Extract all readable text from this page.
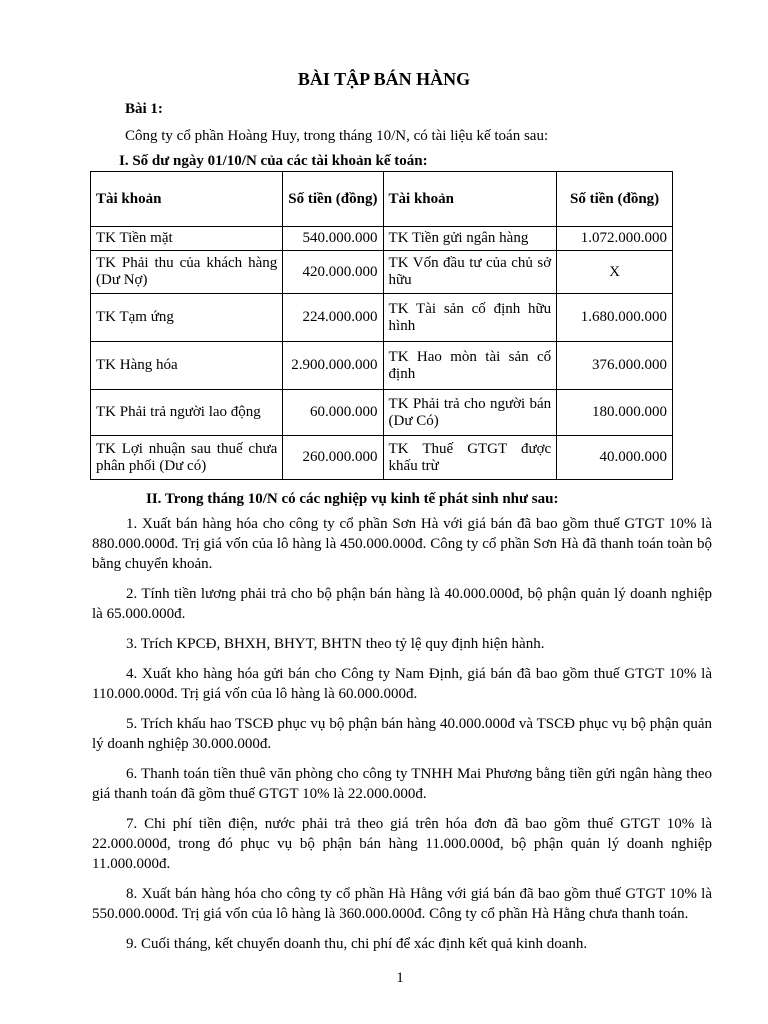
BÀI TẬP BÁN HÀNG
Bài 1:
Công ty cổ phần Hoàng Huy, trong tháng 10/N, có tài liệu kế toán sau:
I. Số dư ngày 01/10/N của các tài khoản kế toán:
Tài khoản	Số tiền (đồng)	Tài khoản	Số tiền (đồng)
TK Tiền mặt	540.000.000	TK Tiền gửi ngân hàng	1.072.000.000
TK Phải thu của khách hàng (Dư Nợ)	420.000.000	TK Vốn đầu tư của chủ sở hữu	X
TK Tạm ứng	224.000.000	TK Tài sản cố định hữu hình	1.680.000.000
TK Hàng hóa	2.900.000.000	TK Hao mòn tài sản cố định	376.000.000
TK Phải trả người lao động	60.000.000	TK Phải trả cho người bán (Dư Có)	180.000.000
TK Lợi nhuận sau thuế chưa phân phối (Dư có)	260.000.000	TK Thuế GTGT được khấu trừ	40.000.000
II. Trong tháng 10/N có các nghiệp vụ kinh tế phát sinh như sau:

1. Xuất bán hàng hóa cho công ty cổ phần Sơn Hà với giá bán đã bao gồm thuế GTGT 10% là 880.000.000đ. Trị giá vốn của lô hàng là 450.000.000đ. Công ty cổ phần Sơn Hà đã thanh toán toàn bộ bằng chuyển khoản.

2. Tính tiền lương phải trả cho bộ phận bán hàng là 40.000.000đ, bộ phận quản lý doanh nghiệp là 65.000.000đ.

3. Trích KPCĐ, BHXH, BHYT, BHTN theo tỷ lệ quy định hiện hành.

4. Xuất kho hàng hóa gửi bán cho Công ty Nam Định, giá bán đã bao gồm thuế GTGT 10% là 110.000.000đ. Trị giá vốn của lô hàng là 60.000.000đ.

5. Trích khấu hao TSCĐ phục vụ bộ phận bán hàng 40.000.000đ và TSCĐ phục vụ bộ phận quản lý doanh nghiệp 30.000.000đ.

6. Thanh toán tiền thuê văn phòng cho công ty TNHH Mai Phương bằng tiền gửi ngân hàng theo giá thanh toán đã gồm thuế GTGT 10% là 22.000.000đ.

7. Chi phí tiền điện, nước phải trả theo giá trên hóa đơn đã bao gồm thuế GTGT 10% là 22.000.000đ, trong đó phục vụ bộ phận bán hàng 11.000.000đ, bộ phận quản lý doanh nghiệp 11.000.000đ.

8. Xuất bán hàng hóa cho công ty cổ phần Hà Hằng với giá bán đã bao gồm thuế GTGT 10% là 550.000.000đ. Trị giá vốn của lô hàng là 360.000.000đ. Công ty cổ phần Hà Hằng chưa thanh toán.

9. Cuối tháng, kết chuyển doanh thu, chi phí để xác định kết quả kinh doanh.

1
